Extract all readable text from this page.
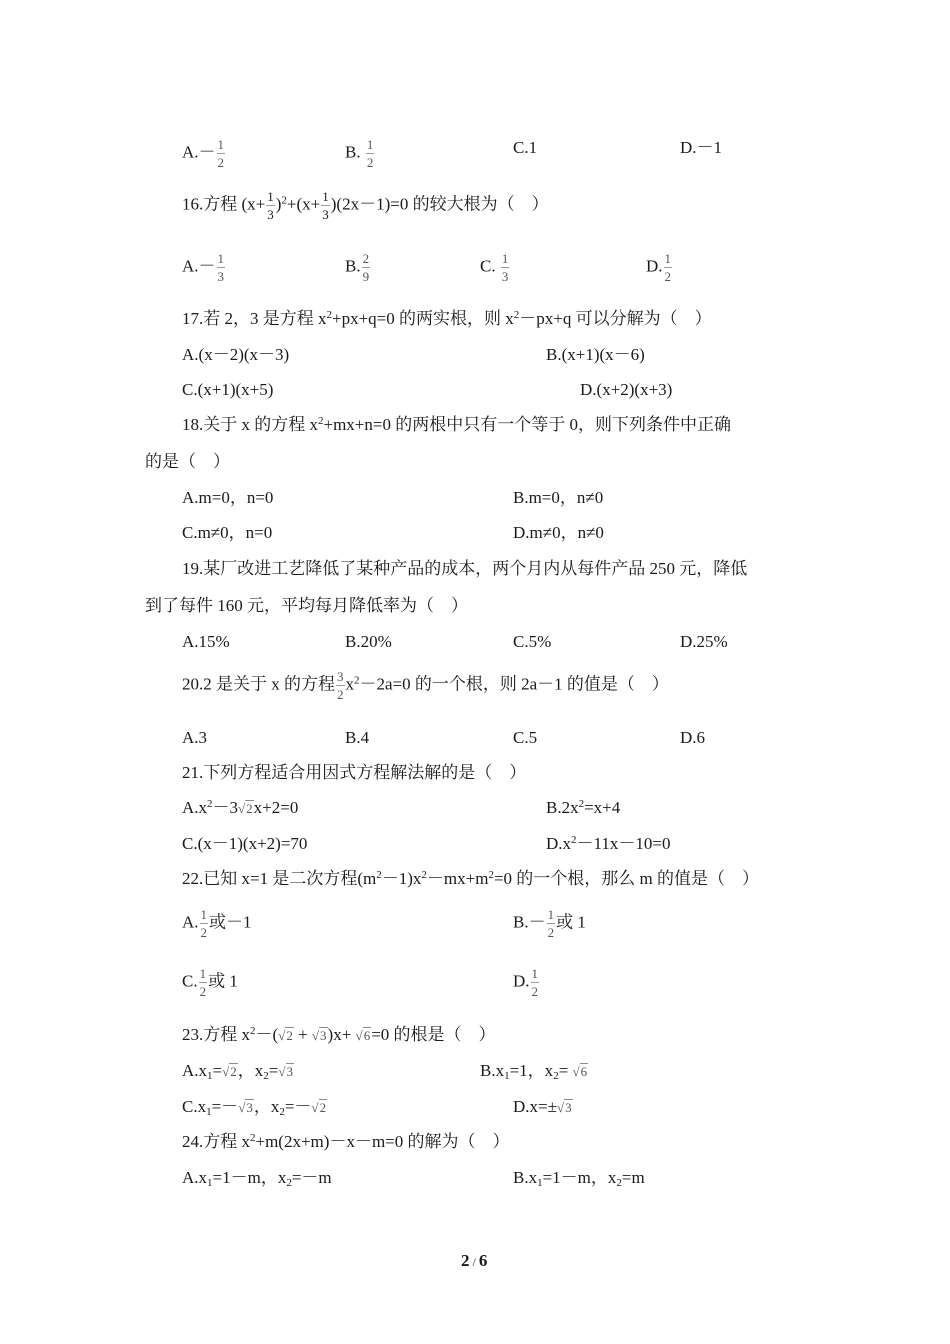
$A.- \frac{1}{2}$	B. $\frac{1}{2}$	C.1	D.－1
16.方程 $(x+ \frac{1}{3} )^2+(x+ \frac{1}{3} )(2x-1)=0$ 的较大根为（　）
$A.- \frac{1}{3}$	B. $\frac{2}{9}$	C. $\frac{1}{3}$	D. $\frac{1}{2}$
17.若 2，3 是方程 $x^2+px+q=0$ 的两实根，则 $x^2-px+q$ 可以分解为（　）
A.(x－2)(x－3)	B.(x+1)(x－6)
C.(x+1)(x+5)	D.(x+2)(x+3)
18.关于 x 的方程 $x^2+mx+n=0$ 的两根中只有一个等于 0，则下列条件中正确
的是（　）
A.m=0，n=0	B.m=0，n≠0
C.m≠0，n=0	D.m≠0，n≠0
19.某厂改进工艺降低了某种产品的成本，两个月内从每件产品 250 元，降低
到了每件 160 元，平均每月降低率为（　）
A.15%	B.20%	C.5%	D.25%
20.2 是关于 x 的方程 $\frac{3}{2} x^2-2a=0$ 的一个根，则 2a－1 的值是（　）
A.3	B.4	C.5	D.6
21.下列方程适合用因式方程解法解的是（　）
$A.x^2-3√2x+2=0$	$B.2x^2=x+4$
C.(x－1)(x+2)=70	$D.x^2-11x-10=0$
22.已知 x=1 是二次方程$(m^2-1)x^2-mx+m^2=0$ 的一个根，那么 m 的值是（　）
A. $\frac{1}{2}$ 或－1	$B.- \frac{1}{2}$ 或 1
C. $\frac{1}{2}$ 或 1	D. $\frac{1}{2}$
23.方程 $x^2-(√2 + √3)x+ √6=0$ 的根是（　）
$A.x_1=√2$，$x_2=√3$	$B.x_1=1$，$x_2= √6$
$C.x_1=-√3$，$x_2=-√2$	D.x=±√3
24.方程 $x^2+m(2x+m)-x-m=0$ 的解为（　）
$A.x_1=1-m$，$x_2=-m$	$B.x_1=1-m$，$x_2=m$
2 / 6
